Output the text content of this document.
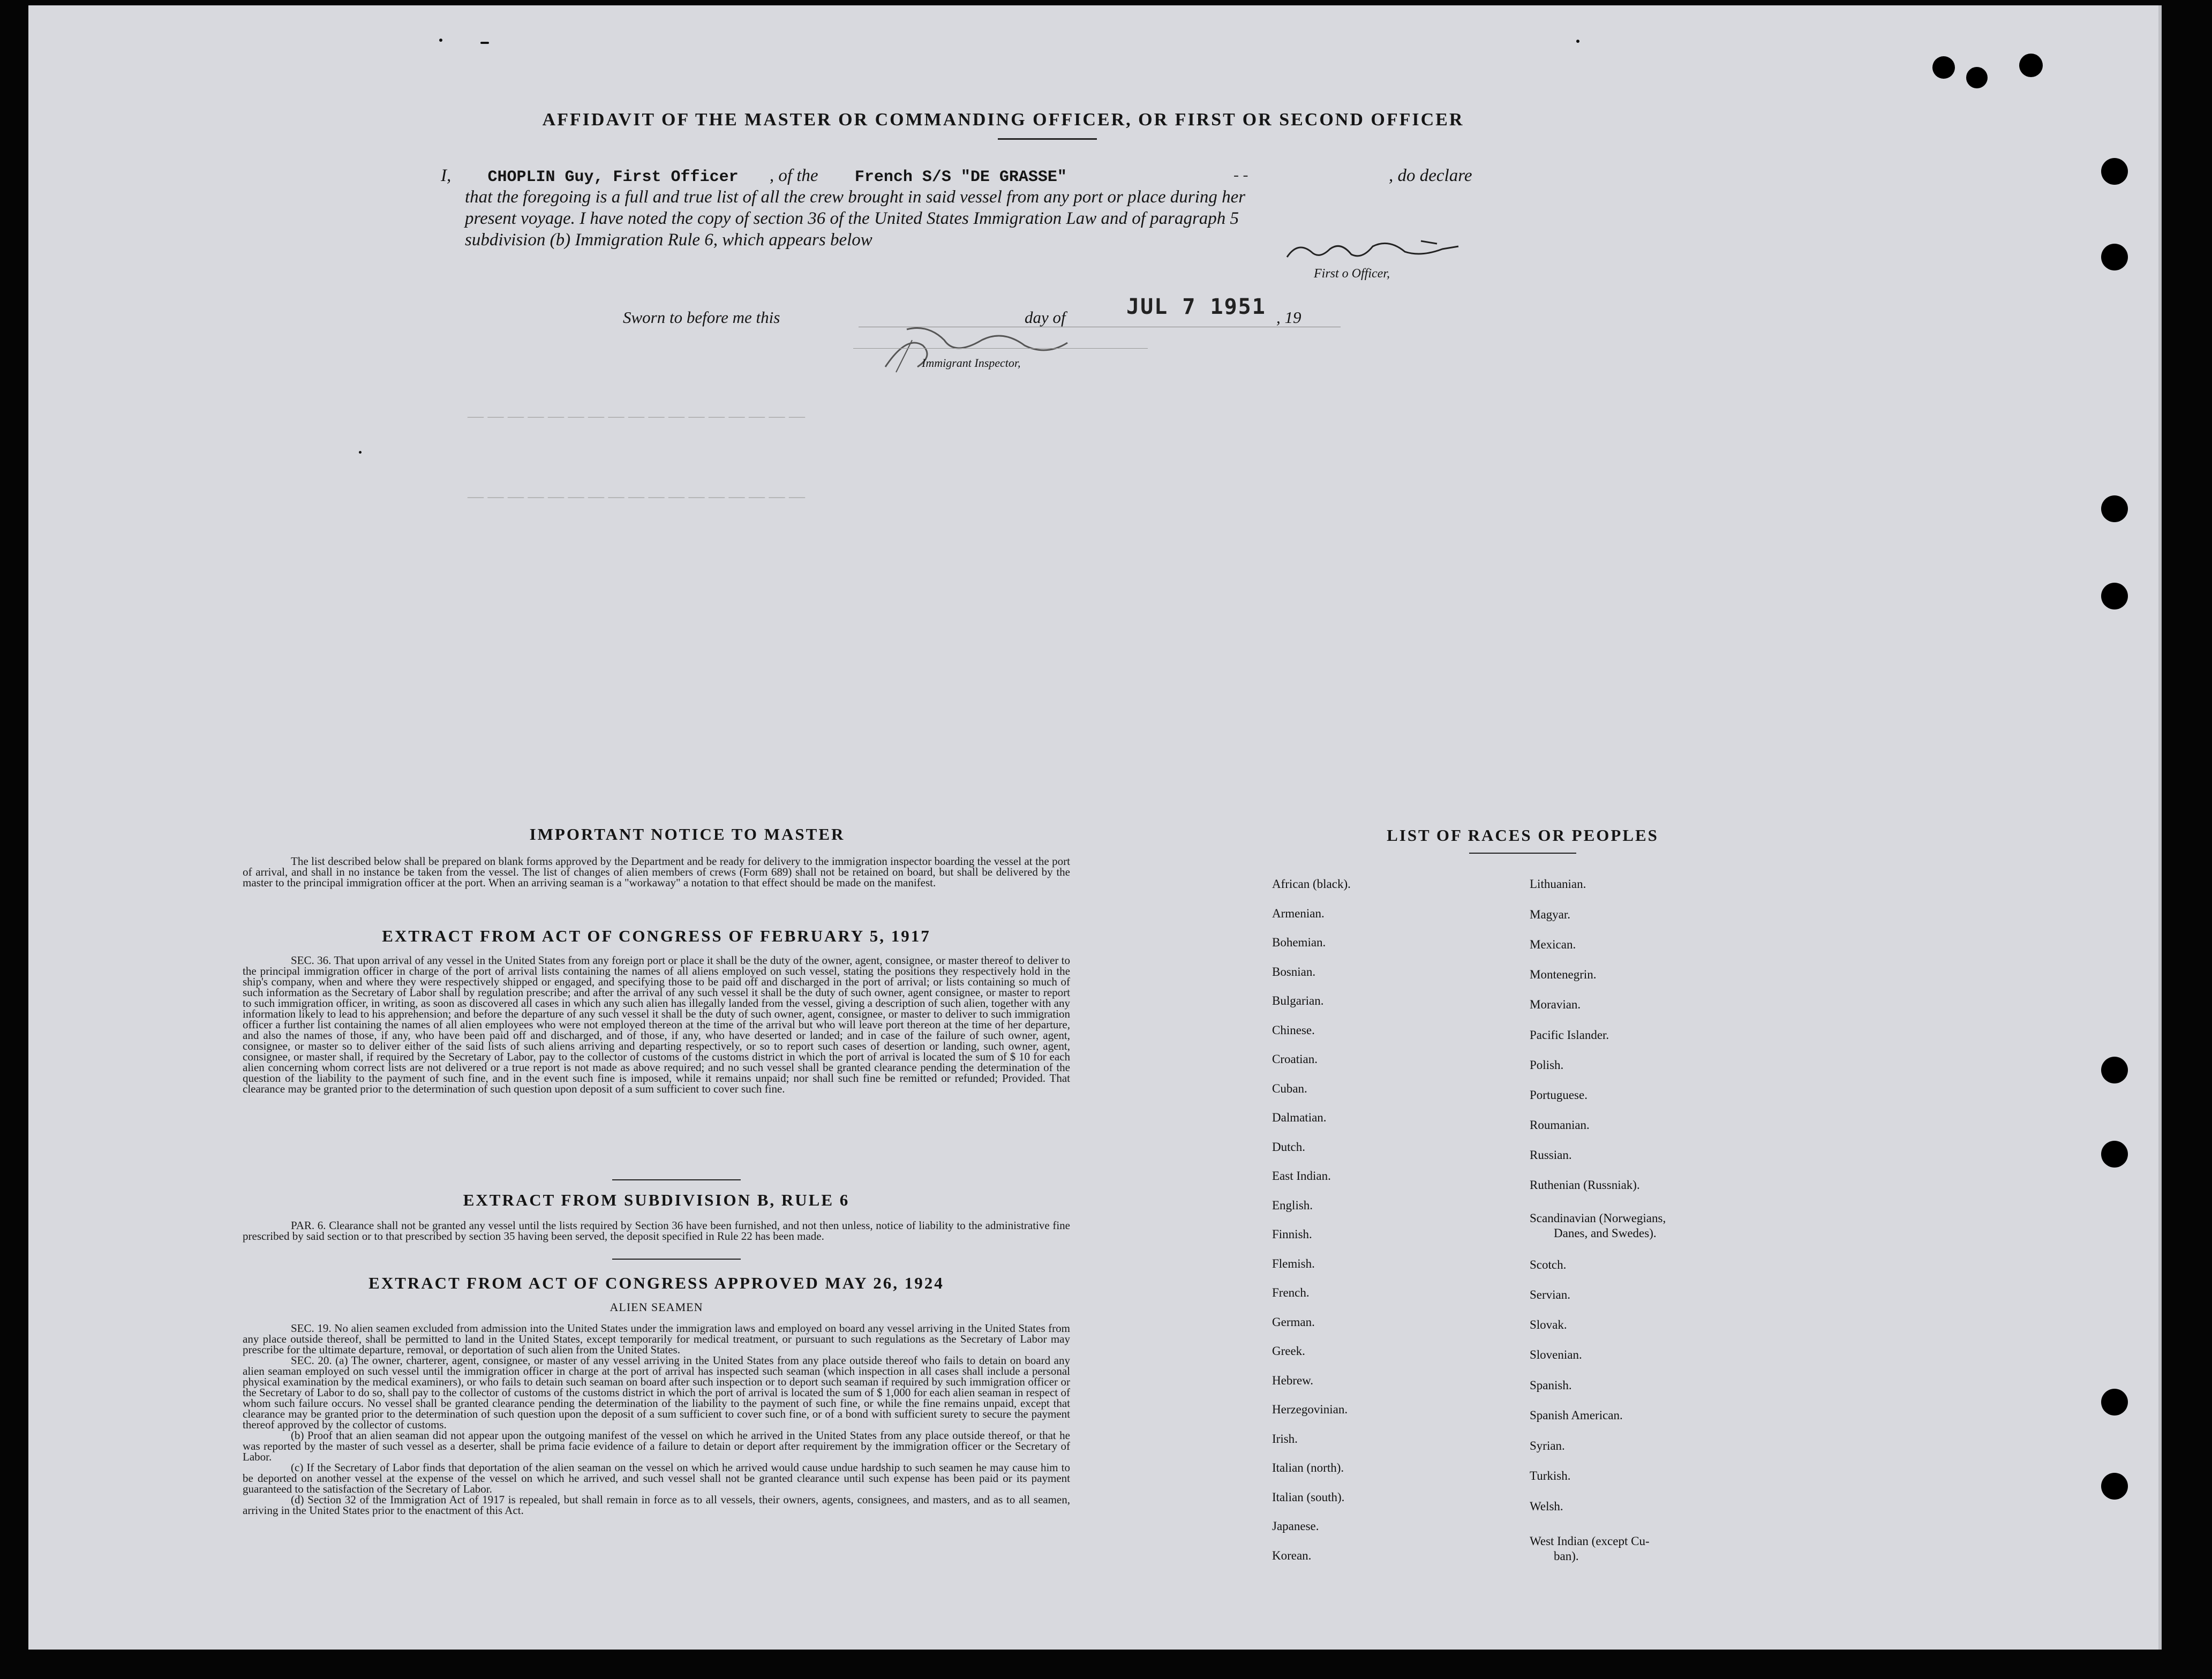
AFFIDAVIT OF THE MASTER OR COMMANDING OFFICER, OR FIRST OR SECOND OFFICER
I, CHOPLIN Guy, First Officer , of the French S/S "DE GRASSE"	, do declare
- -
that the foregoing is a full and true list of all the crew brought in said vessel from any port or place during her
present voyage. I have noted the copy of section 36 of the United States Immigration Law and of paragraph 5
subdivision (b) Immigration Rule 6, which appears below
First o Officer,
Sworn to before me this	day of	JUL 7 1951 , 19
Immigrant Inspector,
— — — — — — — — — — — — — — — — —
— — — — — — — — — — — — — — — — —
IMPORTANT NOTICE TO MASTER
The list described below shall be prepared on blank forms approved by the Department and be ready for delivery to the immigration inspector boarding the vessel at the port of arrival, and shall in no instance be taken from the vessel. The list of changes of alien members of crews (Form 689) shall not be retained on board, but shall be delivered by the master to the principal immigration officer at the port. When an arriving seaman is a "workaway" a notation to that effect should be made on the manifest.
EXTRACT FROM ACT OF CONGRESS OF FEBRUARY 5, 1917
SEC. 36. That upon arrival of any vessel in the United States from any foreign port or place it shall be the duty of the owner, agent, consignee, or master thereof to deliver to the principal immigration officer in charge of the port of arrival lists containing the names of all aliens employed on such vessel, stating the positions they respectively hold in the ship's company, when and where they were respectively shipped or engaged, and specifying those to be paid off and discharged in the port of arrival; or lists containing so much of such information as the Secretary of Labor shall by regulation prescribe; and after the arrival of any such vessel it shall be the duty of such owner, agent consignee, or master to report to such immigration officer, in writing, as soon as discovered all cases in which any such alien has illegally landed from the vessel, giving a description of such alien, together with any information likely to lead to his apprehension; and before the departure of any such vessel it shall be the duty of such owner, agent, consignee, or master to deliver to such immigration officer a further list containing the names of all alien employees who were not employed thereon at the time of the arrival but who will leave port thereon at the time of her departure, and also the names of those, if any, who have been paid off and discharged, and of those, if any, who have deserted or landed; and in case of the failure of such owner, agent, consignee, or master so to deliver either of the said lists of such aliens arriving and departing respectively, or so to report such cases of desertion or landing, such owner, agent, consignee, or master shall, if required by the Secretary of Labor, pay to the collector of customs of the customs district in which the port of arrival is located the sum of $ 10 for each alien concerning whom correct lists are not delivered or a true report is not made as above required; and no such vessel shall be granted clearance pending the determination of the question of the liability to the payment of such fine, and in the event such fine is imposed, while it remains unpaid; nor shall such fine be remitted or refunded; Provided. That clearance may be granted prior to the determination of such question upon deposit of a sum sufficient to cover such fine.
EXTRACT FROM SUBDIVISION B, RULE 6
PAR. 6. Clearance shall not be granted any vessel until the lists required by Section 36 have been furnished, and not then unless, notice of liability to the administrative fine prescribed by said section or to that prescribed by section 35 having been served, the deposit specified in Rule 22 has been made.
EXTRACT FROM ACT OF CONGRESS APPROVED MAY 26, 1924
ALIEN SEAMEN

SEC. 19. No alien seamen excluded from admission into the United States under the immigration laws and employed on board any vessel arriving in the United States from any place outside thereof, shall be permitted to land in the United States, except temporarily for medical treatment, or pursuant to such regulations as the Secretary of Labor may prescribe for the ultimate departure, removal, or deportation of such alien from the United States.

SEC. 20. (a) The owner, charterer, agent, consignee, or master of any vessel arriving in the United States from any place outside thereof who fails to detain on board any alien seaman employed on such vessel until the immigration officer in charge at the port of arrival has inspected such seaman (which inspection in all cases shall include a personal physical examination by the medical examiners), or who fails to detain such seaman on board after such inspection or to deport such seaman if required by such immigration officer or the Secretary of Labor to do so, shall pay to the collector of customs of the customs district in which the port of arrival is located the sum of $ 1,000 for each alien seaman in respect of whom such failure occurs. No vessel shall be granted clearance pending the determination of the liability to the payment of such fine, or while the fine remains unpaid, except that clearance may be granted prior to the determination of such question upon the deposit of a sum sufficient to cover such fine, or of a bond with sufficient surety to secure the payment thereof approved by the collector of customs.

(b) Proof that an alien seaman did not appear upon the outgoing manifest of the vessel on which he arrived in the United States from any place outside thereof, or that he was reported by the master of such vessel as a deserter, shall be prima facie evidence of a failure to detain or deport after requirement by the immigration officer or the Secretary of Labor.

(c) If the Secretary of Labor finds that deportation of the alien seaman on the vessel on which he arrived would cause undue hardship to such seamen he may cause him to be deported on another vessel at the expense of the vessel on which he arrived, and such vessel shall not be granted clearance until such expense has been paid or its payment guaranteed to the satisfaction of the Secretary of Labor.

(d) Section 32 of the Immigration Act of 1917 is repealed, but shall remain in force as to all vessels, their owners, agents, consignees, and masters, and as to all seamen, arriving in the United States prior to the enactment of this Act.

LIST OF RACES OR PEOPLES
African (black).
Armenian.
Bohemian.
Bosnian.
Bulgarian.
Chinese.
Croatian.
Cuban.
Dalmatian.
Dutch.
East Indian.
English.
Finnish.
Flemish.
French.
German.
Greek.
Hebrew.
Herzegovinian.
Irish.
Italian (north).
Italian (south).
Japanese.
Korean.
Lithuanian.
Magyar.
Mexican.
Montenegrin.
Moravian.
Pacific Islander.
Polish.
Portuguese.
Roumanian.
Russian.
Ruthenian (Russniak).
Scandinavian (Norwegians,
Danes, and Swedes).
Scotch.
Servian.
Slovak.
Slovenian.
Spanish.
Spanish American.
Syrian.
Turkish.
Welsh.
West Indian (except Cu-
ban).
